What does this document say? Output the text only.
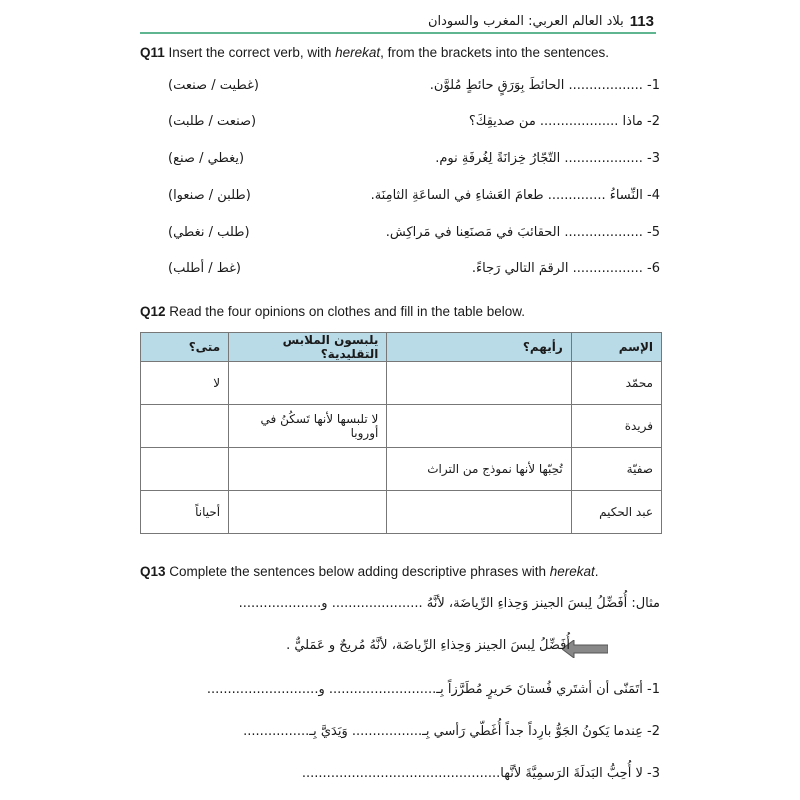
بلاد العالم العربي: المغرب والسودان 113
Q11 Insert the correct verb, with herekat, from the brackets into the sentences.
1- .................. الحائطَ بِوَرَقٍ حائطٍ مُلوَّن.
(غطيت / صنعت)
2- ماذا ................... من صديقِكَ؟
(صنعت / طلبت)
3- ................... التّجّارُ خِزانَةً لِغُرفَةِ نوم.
(يغطي / صنع)
4- النِّساءُ .............. طعامَ العَشاءِ في الساعَةِ الثامِنَة.
(طلبن / صنعوا)
5- ................... الحقائبَ في مَصنَعِنا في مَراكِش.
(طلب / نغطي)
6- ................. الرقمَ التالي رَجاءً.
(غط / أطلب)
Q12 Read the four opinions on clothes and fill in the table below.
الإسم	رأيهم؟	يلبسون الملابس التقليدية؟	متى؟
محمّد			لا
فريدة		لا تلبسها لأنها تَسكُنُ في أوروبا	
صفيّة	تُحِبّها لأنها نموذج من التراث		
عبد الحكيم			أحياناً
Q13 Complete the sentences below adding descriptive phrases with herekat.
مثال: أُفَضِّلُ لِبسَ الجينز وَحِذاءِ الرِّياضَة، لأنَّهُ ...................... و....................
أُفَضِّلُ لِبسَ الجينز وَحِذاءِ الرِّياضَة، لأنَّهُ مُريحٌ و عَمَليٌّ .
1- أتَمَنّى أن أشتَري فُستانَ حَريرٍ مُطَرَّزاً بِـ.......................... و...........................
2- عِندما يَكونُ الجَوُّ بارِداً جداً أُغَطّي رَأسي بِـ................. وَيَدَيَّ بِـ................
3- لا أُحِبُّ البَدلَةَ الرَسمِيَّةَ لأنَّها................................................
